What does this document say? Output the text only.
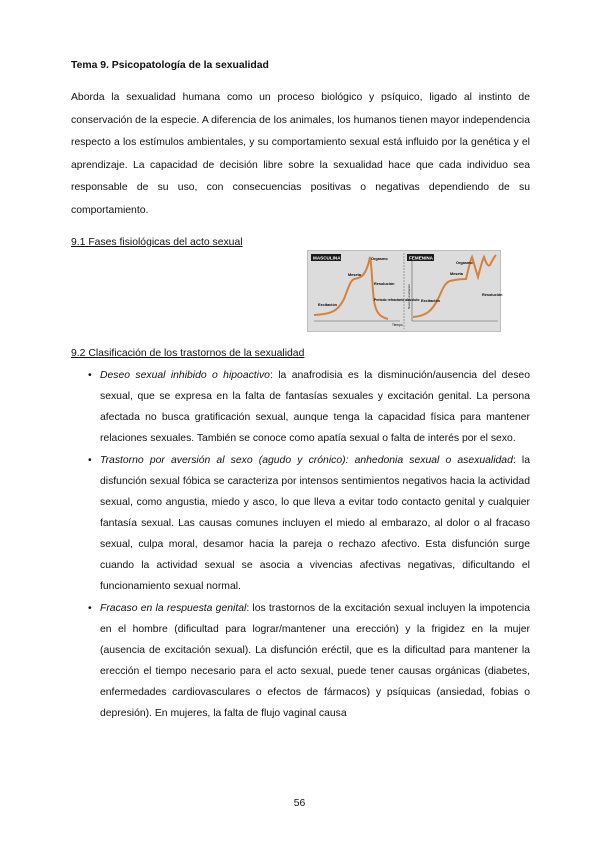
Tema 9. Psicopatología de la sexualidad

Aborda la sexualidad humana como un proceso biológico y psíquico, ligado al instinto de conservación de la especie. A diferencia de los animales, los humanos tienen mayor independencia respecto a los estímulos ambientales, y su comportamiento sexual está influido por la genética y el aprendizaje. La capacidad de decisión libre sobre la sexualidad hace que cada individuo sea responsable de su uso, con consecuencias positivas o negativas dependiendo de su comportamiento.

9.1 Fases fisiológicas del acto sexual

MASCULINA	Orgasmo
Meseta
Resolución
Excitación
Periodo refractario absoluto
Tiempo
FEMENINA
Nivel de excitación
Orgasmo
Meseta
Excitación
Resolución

9.2 Clasificación de los trastornos de la sexualidad

• Deseo sexual inhibido o hipoactivo: la anafrodisia es la disminución/ausencia del deseo sexual, que se expresa en la falta de fantasías sexuales y excitación genital. La persona afectada no busca gratificación sexual, aunque tenga la capacidad física para mantener relaciones sexuales. También se conoce como apatía sexual o falta de interés por el sexo.
• Trastorno por aversión al sexo (agudo y crónico): anhedonia sexual o asexualidad: la disfunción sexual fóbica se caracteriza por intensos sentimientos negativos hacia la actividad sexual, como angustia, miedo y asco, lo que lleva a evitar todo contacto genital y cualquier fantasía sexual. Las causas comunes incluyen el miedo al embarazo, al dolor o al fracaso sexual, culpa moral, desamor hacia la pareja o rechazo afectivo. Esta disfunción surge cuando la actividad sexual se asocia a vivencias afectivas negativas, dificultando el funcionamiento sexual normal.
• Fracaso en la respuesta genital: los trastornos de la excitación sexual incluyen la impotencia en el hombre (dificultad para lograr/mantener una erección) y la frigidez en la mujer (ausencia de excitación sexual). La disfunción eréctil, que es la dificultad para mantener la erección el tiempo necesario para el acto sexual, puede tener causas orgánicas (diabetes, enfermedades cardiovasculares o efectos de fármacos) y psíquicas (ansiedad, fobias o depresión). En mujeres, la falta de flujo vaginal causa
56
